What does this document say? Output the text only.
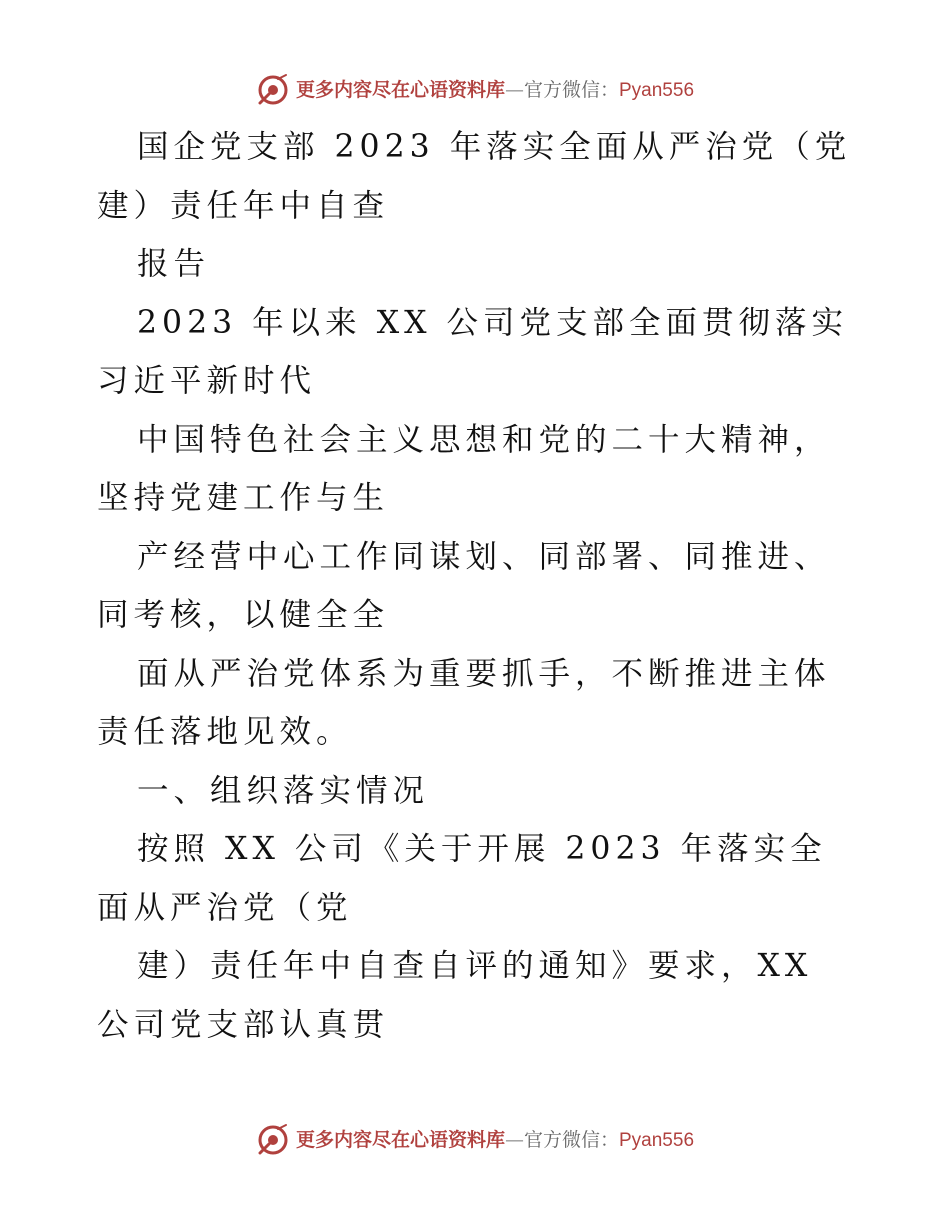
更多内容尽在心语资料库 — 官方微信： Pyan556

国企党支部 2023 年落实全面从严治党（党建）责任年中自查

报告

2023 年以来 XX 公司党支部全面贯彻落实习近平新时代

中国特色社会主义思想和党的二十大精神，坚持党建工作与生

产经营中心工作同谋划、同部署、同推进、同考核，以健全全

面从严治党体系为重要抓手，不断推进主体责任落地见效。

一、组织落实情况

按照 XX 公司《关于开展 2023 年落实全面从严治党（党

建）责任年中自查自评的通知》要求，XX 公司党支部认真贯

更多内容尽在心语资料库 — 官方微信： Pyan556
